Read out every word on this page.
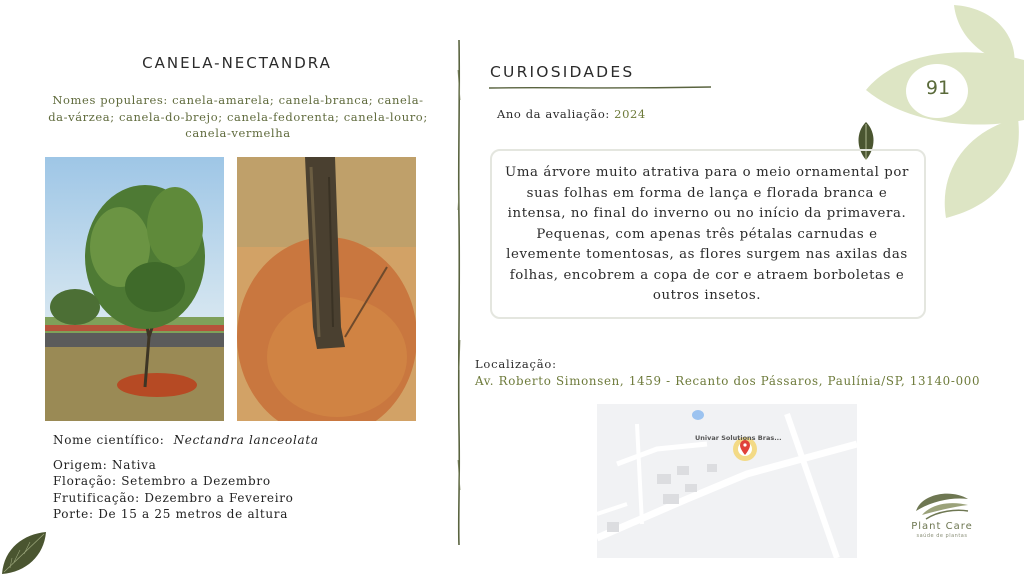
91
CANELA-NECTANDRA
Nomes populares: canela-amarela; canela-branca; canela-da-várzea; canela-do-brejo; canela-fedorenta; canela-louro; canela-vermelha
Nome científico: Nectandra lanceolata
Origem: Nativa
Floração: Setembro a Dezembro
Frutificação: Dezembro a Fevereiro
Porte: De 15 a 25 metros de altura
CURIOSIDADES
Ano da avaliação: 2024
Uma árvore muito atrativa para o meio ornamental por suas folhas em forma de lança e florada branca e intensa, no final do inverno ou no início da primavera. Pequenas, com apenas três pétalas carnudas e levemente tomentosas, as flores surgem nas axilas das folhas, encobrem a copa de cor e atraem borboletas e outros insetos.
Localização:
Av. Roberto Simonsen, 1459 - Recanto dos Pássaros, Paulínia/SP, 13140-000
Univar Solutions Bras...
Plant Care
saúde de plantas
